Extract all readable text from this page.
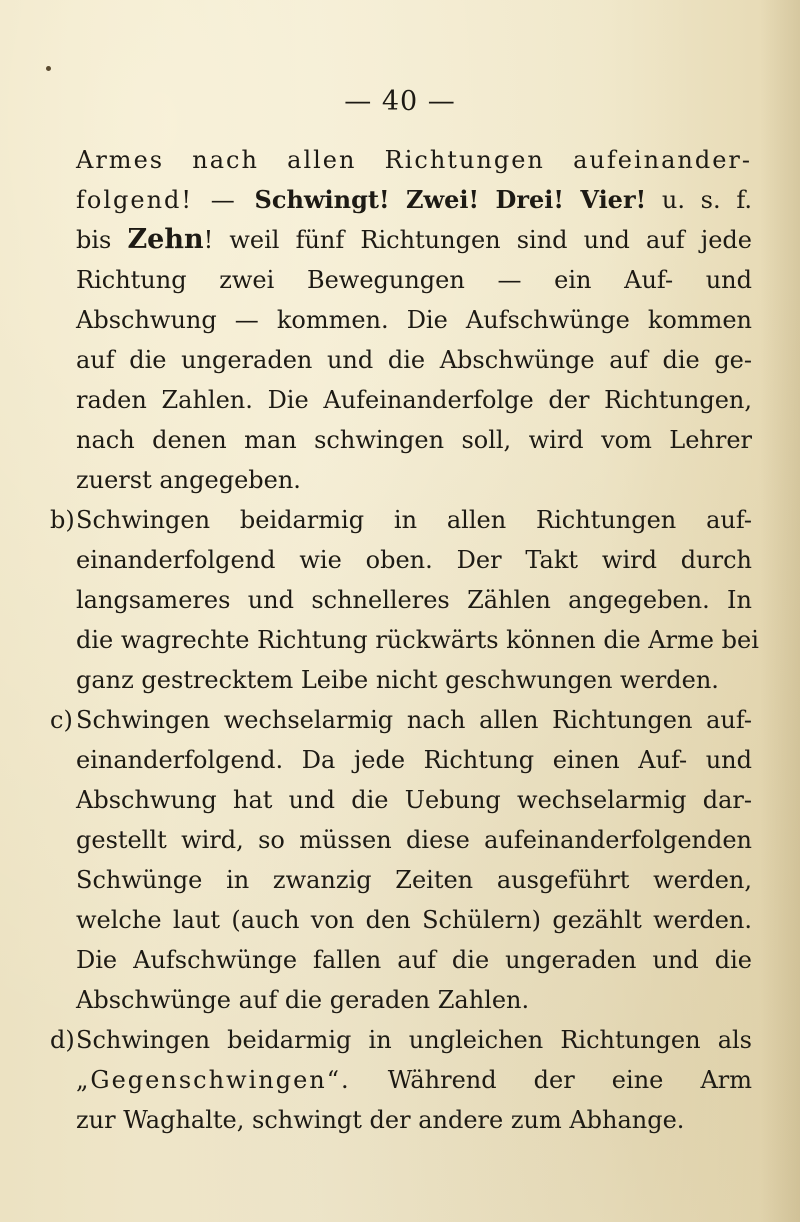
— 40 —
Armes nach allen Richtungen aufeinander-
folgend! — Schwingt! Zwei! Drei! Vier! u. s. f.
bis Zehn! weil fünf Richtungen sind und auf jede
Richtung zwei Bewegungen — ein Auf- und
Abschwung — kommen. Die Aufschwünge kommen
auf die ungeraden und die Abschwünge auf die ge-
raden Zahlen. Die Aufeinanderfolge der Richtungen,
nach denen man schwingen soll, wird vom Lehrer
zuerst angegeben.
b) Schwingen beidarmig in allen Richtungen auf-
einanderfolgend wie oben. Der Takt wird durch
langsameres und schnelleres Zählen angegeben. In
die wagrechte Richtung rückwärts können die Arme bei
ganz gestrecktem Leibe nicht geschwungen werden.
c) Schwingen wechselarmig nach allen Richtungen auf-
einanderfolgend. Da jede Richtung einen Auf- und
Abschwung hat und die Uebung wechselarmig dar-
gestellt wird, so müssen diese aufeinanderfolgenden
Schwünge in zwanzig Zeiten ausgeführt werden,
welche laut (auch von den Schülern) gezählt werden.
Die Aufschwünge fallen auf die ungeraden und die
Abschwünge auf die geraden Zahlen.
d) Schwingen beidarmig in ungleichen Richtungen als
„Gegenschwingen“. Während der eine Arm
zur Waghalte, schwingt der andere zum Abhange.
